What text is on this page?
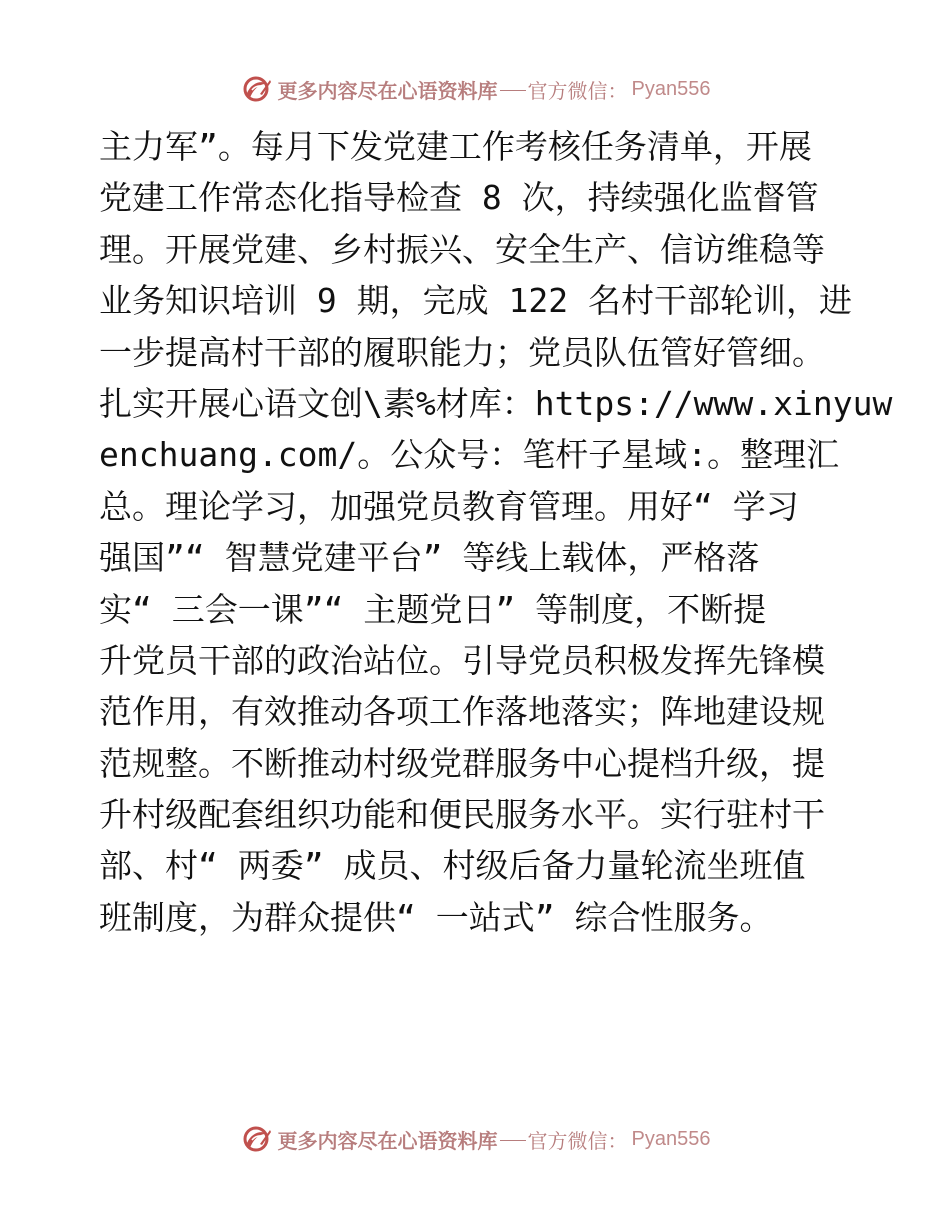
更多内容尽在心语资料库 官方微信： Pyan556
主力军”。每月下发党建工作考核任务清单，开展
党建工作常态化指导检查 8 次，持续强化监督管
理。开展党建、乡村振兴、安全生产、信访维稳等
业务知识培训 9 期，完成 122 名村干部轮训，进
一步提高村干部的履职能力；党员队伍管好管细。
扎实开展心语文创\素%材库：https://www.xinyuw
enchuang.com/。公众号：笔杆子星域:。整理汇
总。理论学习，加强党员教育管理。用好“ 学习
强国”“ 智慧党建平台” 等线上载体，严格落
实“ 三会一课”“ 主题党日” 等制度，不断提
升党员干部的政治站位。引导党员积极发挥先锋模
范作用，有效推动各项工作落地落实；阵地建设规
范规整。不断推动村级党群服务中心提档升级，提
升村级配套组织功能和便民服务水平。实行驻村干
部、村“ 两委” 成员、村级后备力量轮流坐班值
班制度，为群众提供“ 一站式” 综合性服务。
更多内容尽在心语资料库 官方微信： Pyan556
